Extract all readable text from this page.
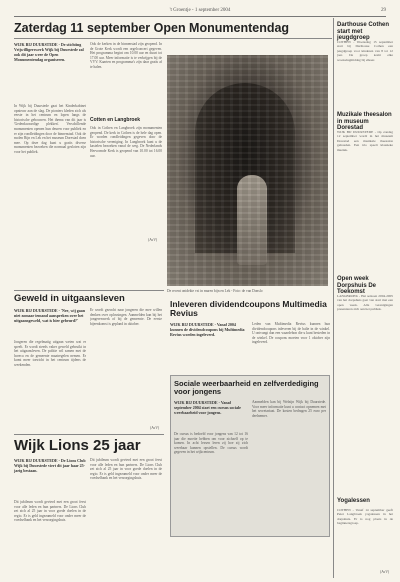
't Groentje - 1 september 2004	29
Zaterdag 11 september Open Monumentendag
WIJK BIJ DUURSTEDE - De stichting Vrijwilligerswerk Wijk bij Duurstede zal ook dit jaar weer de Open Monumentendag organiseren.
In Wijk bij Duurstede gaat het Kinderkabinet opnieuw aan de slag. De pioniers kleden zich als eerste in het centrum en lopen langs de historische gebouwen. Het thema van dit jaar is 'Gedenkwaardige plekken'. Verschillende monumenten openen hun deuren voor publiek en er zijn rondleidingen door de binnenstad. Ook de molen Rijn en Lek en het museum Dorestad doen mee. Op deze dag kunt u gratis diverse monumenten bezoeken die normaal gesloten zijn voor het publiek.
Ook de kerken in de binnenstad zijn geopend. In de Grote Kerk wordt een orgelconcert gegeven. Het programma begint om 10.00 uur en duurt tot 17.00 uur. Meer informatie is te verkrijgen bij de VVV. Kaarten en programma's zijn daar gratis af te halen.
Cotten en Langbroek
Ook in Cothen en Langbroek zijn monumenten geopend. De kerk in Cothen is de hele dag open. Er worden rondleidingen gegeven door de historische vereniging. In Langbroek kunt u de kastelen bezoeken vanaf de weg. De Nederlands Hervormde Kerk is geopend van 10.00 tot 16.00 uur.
De recent ontdekte vst in muren bijn en Lek - Foto: de van Donslo
Geweld in uitgaansleven
WIJK BIJ DUURSTEDE - 'Nee, wij gaan niet zomaar iemand aanspreken over het uitgaansgeweld, wat is hier gebeurd?'
Jongeren die regelmatig uitgaan weten wat er speelt. Er wordt steeds vaker geweld gebruikt in het uitgaansleven. De politie wil samen met de horeca en de gemeente maatregelen nemen. Er komt meer toezicht in het centrum tijdens de weekenden.
Er wordt gezocht naar jongeren die mee willen denken over oplossingen. Aanmelden kan bij het jongerenwerk of bij de gemeente. De eerste bijeenkomst is gepland in oktober.
(AvV)
Inleveren dividendcoupons Multimedia Revius
WIJK BIJ DUURSTEDE - Vanaf 2004 kunnen de dividendcoupons bij Multimedia Revius worden ingeleverd.
Leden van Multimedia Revius kunnen hun dividendcoupons inleveren bij de balie in de winkel. U ontvangt dan een waardebon die u kunt besteden in de winkel. De coupons moeten voor 1 oktober zijn ingeleverd.
Wijk Lions 25 jaar
WIJK BIJ DUURSTEDE - De Lions Club Wijk bij Duurstede viert dit jaar haar 25-jarig bestaan.
Dit jubileum wordt gevierd met een groot feest voor alle leden en hun partners. De Lions Club zet zich al 25 jaar in voor goede doelen in de regio. Er is geld ingezameld voor onder meer de voedselbank en het verzorgingshuis.
Dit jubileum wordt gevierd met een groot feest voor alle leden en hun partners. De Lions Club zet zich al 25 jaar in voor goede doelen in de regio. Er is geld ingezameld voor onder meer de voedselbank en het verzorgingshuis.
Sociale weerbaarheid en zelfverdediging voor jongens
WIJK BIJ DUURSTEDE - Vanaf september 2004 start een cursus sociale weerbaarheid voor jongens.
De cursus is bedoeld voor jongens van 12 tot 16 jaar die moeite hebben om voor zichzelf op te komen. In acht lessen leren zij hoe zij zich weerbaar kunnen opstellen. De cursus wordt gegeven in het wijkcentrum.
Aanmelden kan bij Welzijn Wijk bij Duurstede. Voor meer informatie kunt u contact opnemen met het secretariaat. De kosten bedragen 25 euro per deelnemer.
Darthouse Cothen start met jeugdgroep
COTHEN - Woensdag 15 september start bij Darthouse Cothen een jeugdgroep voor kinderen van 8 tot 12 jaar. De groep komt elke woensdagmiddag bij elkaar.
Muzikale theesalon in museum Dorestad
WIJK BIJ DUURSTEDE - Op zondag 12 september wordt in het museum Dorestad een muzikale theesalon gehouden. Een trio speelt klassieke muziek.
Open week Dorpshuis De Toekomst
LANGBROEK - Het seizoen 2004-2005 van het dorpshuis gaat van start met een open week. Alle verenigingen presenteren zich aan het publiek.
Yogalessen
COTHEN - Vanaf 14 september geeft Peter Langbroek yogalessen in het dorpshuis. Er is nog plaats in de beginnersgroep.
(AvV)
(AvV)
